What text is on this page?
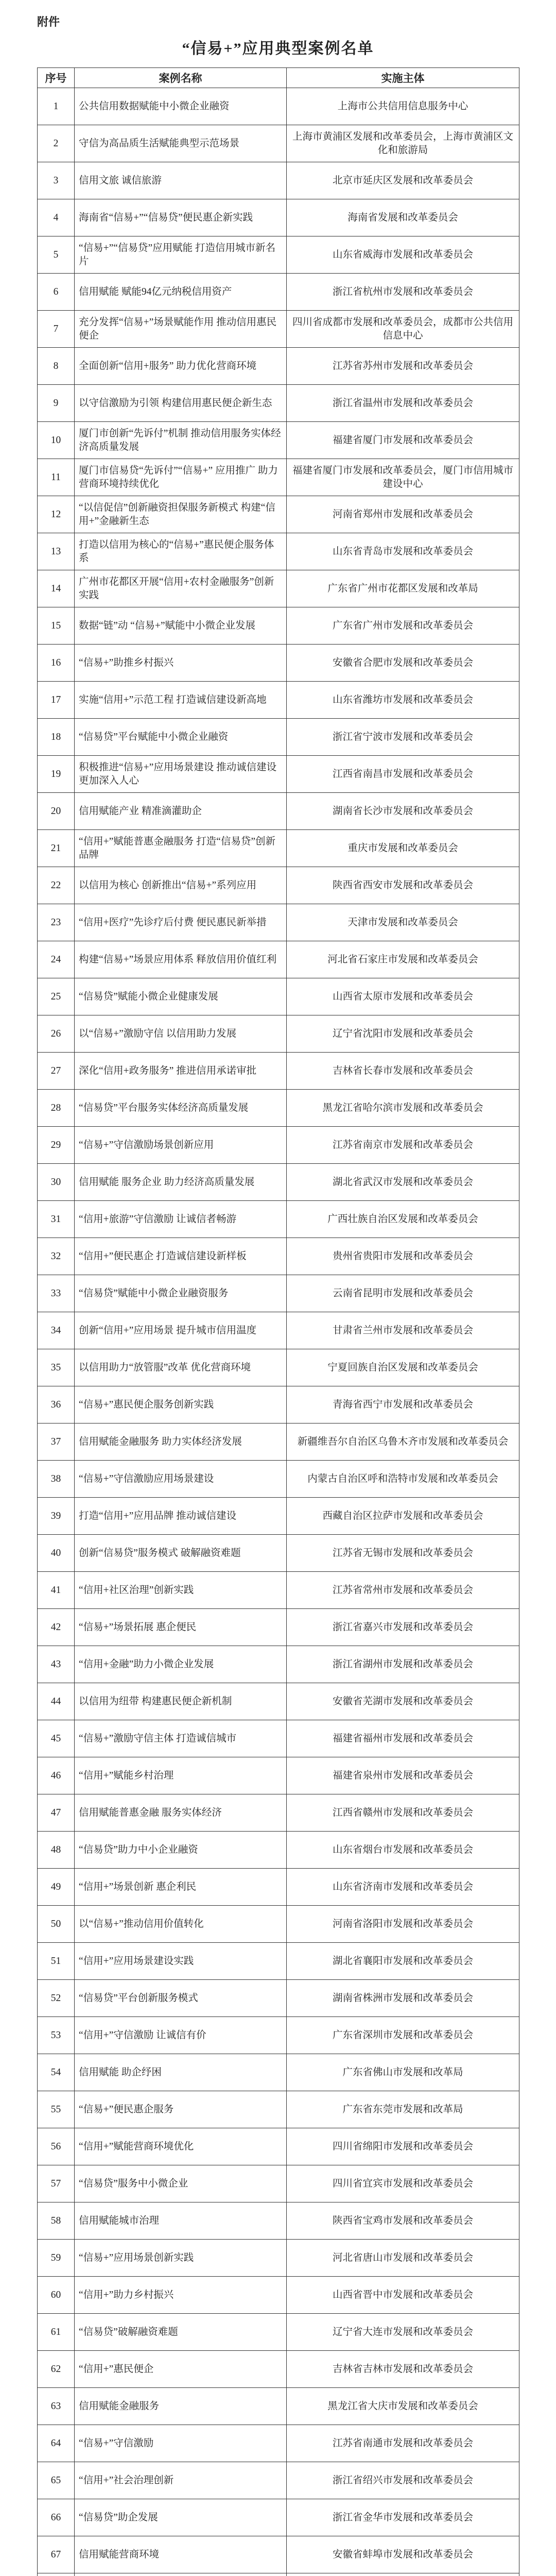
附件
“信易+”应用典型案例名单
序号	案例名称	实施主体
1	公共信用数据赋能中小微企业融资	上海市公共信用信息服务中心
2	守信为高品质生活赋能典型示范场景	上海市黄浦区发展和改革委员会，上海市黄浦区文化和旅游局
3	信用文旅 诚信旅游	北京市延庆区发展和改革委员会
4	海南省“信易+”“信易贷”便民惠企新实践	海南省发展和改革委员会
5	“信易+”“信易贷”应用赋能 打造信用城市新名片	山东省威海市发展和改革委员会
6	信用赋能 赋能94亿元纳税信用资产	浙江省杭州市发展和改革委员会
7	充分发挥“信易+”场景赋能作用 推动信用惠民便企	四川省成都市发展和改革委员会，成都市公共信用信息中心
8	全面创新“信用+服务” 助力优化营商环境	江苏省苏州市发展和改革委员会
9	以守信激励为引领 构建信用惠民便企新生态	浙江省温州市发展和改革委员会
10	厦门市创新“先诉付”机制 推动信用服务实体经济高质量发展	福建省厦门市发展和改革委员会
11	厦门市信易贷“先诉付”“信易+” 应用推广 助力营商环境持续优化	福建省厦门市发展和改革委员会，厦门市信用城市建设中心
12	“以信促信”创新融资担保服务新模式 构建“信用+”金融新生态	河南省郑州市发展和改革委员会
13	打造以信用为核心的“信易+”惠民便企服务体系	山东省青岛市发展和改革委员会
14	广州市花都区开展“信用+农村金融服务”创新实践	广东省广州市花都区发展和改革局
15	数据“链”动 “信易+”赋能中小微企业发展	广东省广州市发展和改革委员会
16	“信易+”助推乡村振兴	安徽省合肥市发展和改革委员会
17	实施“信用+”示范工程 打造诚信建设新高地	山东省潍坊市发展和改革委员会
18	“信易贷”平台赋能中小微企业融资	浙江省宁波市发展和改革委员会
19	积极推进“信易+”应用场景建设 推动诚信建设更加深入人心	江西省南昌市发展和改革委员会
20	信用赋能产业 精准滴灌助企	湖南省长沙市发展和改革委员会
21	“信用+”赋能普惠金融服务 打造“信易贷”创新品牌	重庆市发展和改革委员会
22	以信用为核心 创新推出“信易+”系列应用	陕西省西安市发展和改革委员会
23	“信用+医疗”先诊疗后付费 便民惠民新举措	天津市发展和改革委员会
24	构建“信易+”场景应用体系 释放信用价值红利	河北省石家庄市发展和改革委员会
25	“信易贷”赋能小微企业健康发展	山西省太原市发展和改革委员会
26	以“信易+”激励守信 以信用助力发展	辽宁省沈阳市发展和改革委员会
27	深化“信用+政务服务” 推进信用承诺审批	吉林省长春市发展和改革委员会
28	“信易贷”平台服务实体经济高质量发展	黑龙江省哈尔滨市发展和改革委员会
29	“信易+”守信激励场景创新应用	江苏省南京市发展和改革委员会
30	信用赋能 服务企业 助力经济高质量发展	湖北省武汉市发展和改革委员会
31	“信用+旅游”守信激励 让诚信者畅游	广西壮族自治区发展和改革委员会
32	“信用+”便民惠企 打造诚信建设新样板	贵州省贵阳市发展和改革委员会
33	“信易贷”赋能中小微企业融资服务	云南省昆明市发展和改革委员会
34	创新“信用+”应用场景 提升城市信用温度	甘肃省兰州市发展和改革委员会
35	以信用助力“放管服”改革 优化营商环境	宁夏回族自治区发展和改革委员会
36	“信易+”惠民便企服务创新实践	青海省西宁市发展和改革委员会
37	信用赋能金融服务 助力实体经济发展	新疆维吾尔自治区乌鲁木齐市发展和改革委员会
38	“信易+”守信激励应用场景建设	内蒙古自治区呼和浩特市发展和改革委员会
39	打造“信用+”应用品牌 推动诚信建设	西藏自治区拉萨市发展和改革委员会
40	创新“信易贷”服务模式 破解融资难题	江苏省无锡市发展和改革委员会
41	“信用+社区治理”创新实践	江苏省常州市发展和改革委员会
42	“信易+”场景拓展 惠企便民	浙江省嘉兴市发展和改革委员会
43	“信用+金融”助力小微企业发展	浙江省湖州市发展和改革委员会
44	以信用为纽带 构建惠民便企新机制	安徽省芜湖市发展和改革委员会
45	“信易+”激励守信主体 打造诚信城市	福建省福州市发展和改革委员会
46	“信用+”赋能乡村治理	福建省泉州市发展和改革委员会
47	信用赋能普惠金融 服务实体经济	江西省赣州市发展和改革委员会
48	“信易贷”助力中小企业融资	山东省烟台市发展和改革委员会
49	“信用+”场景创新 惠企利民	山东省济南市发展和改革委员会
50	以“信易+”推动信用价值转化	河南省洛阳市发展和改革委员会
51	“信用+”应用场景建设实践	湖北省襄阳市发展和改革委员会
52	“信易贷”平台创新服务模式	湖南省株洲市发展和改革委员会
53	“信用+”守信激励 让诚信有价	广东省深圳市发展和改革委员会
54	信用赋能 助企纾困	广东省佛山市发展和改革局
55	“信易+”便民惠企服务	广东省东莞市发展和改革局
56	“信用+”赋能营商环境优化	四川省绵阳市发展和改革委员会
57	“信易贷”服务中小微企业	四川省宜宾市发展和改革委员会
58	信用赋能城市治理	陕西省宝鸡市发展和改革委员会
59	“信易+”应用场景创新实践	河北省唐山市发展和改革委员会
60	“信用+”助力乡村振兴	山西省晋中市发展和改革委员会
61	“信易贷”破解融资难题	辽宁省大连市发展和改革委员会
62	“信用+”惠民便企	吉林省吉林市发展和改革委员会
63	信用赋能金融服务	黑龙江省大庆市发展和改革委员会
64	“信易+”守信激励	江苏省南通市发展和改革委员会
65	“信用+”社会治理创新	浙江省绍兴市发展和改革委员会
66	“信易贷”助企发展	浙江省金华市发展和改革委员会
67	信用赋能营商环境	安徽省蚌埠市发展和改革委员会
